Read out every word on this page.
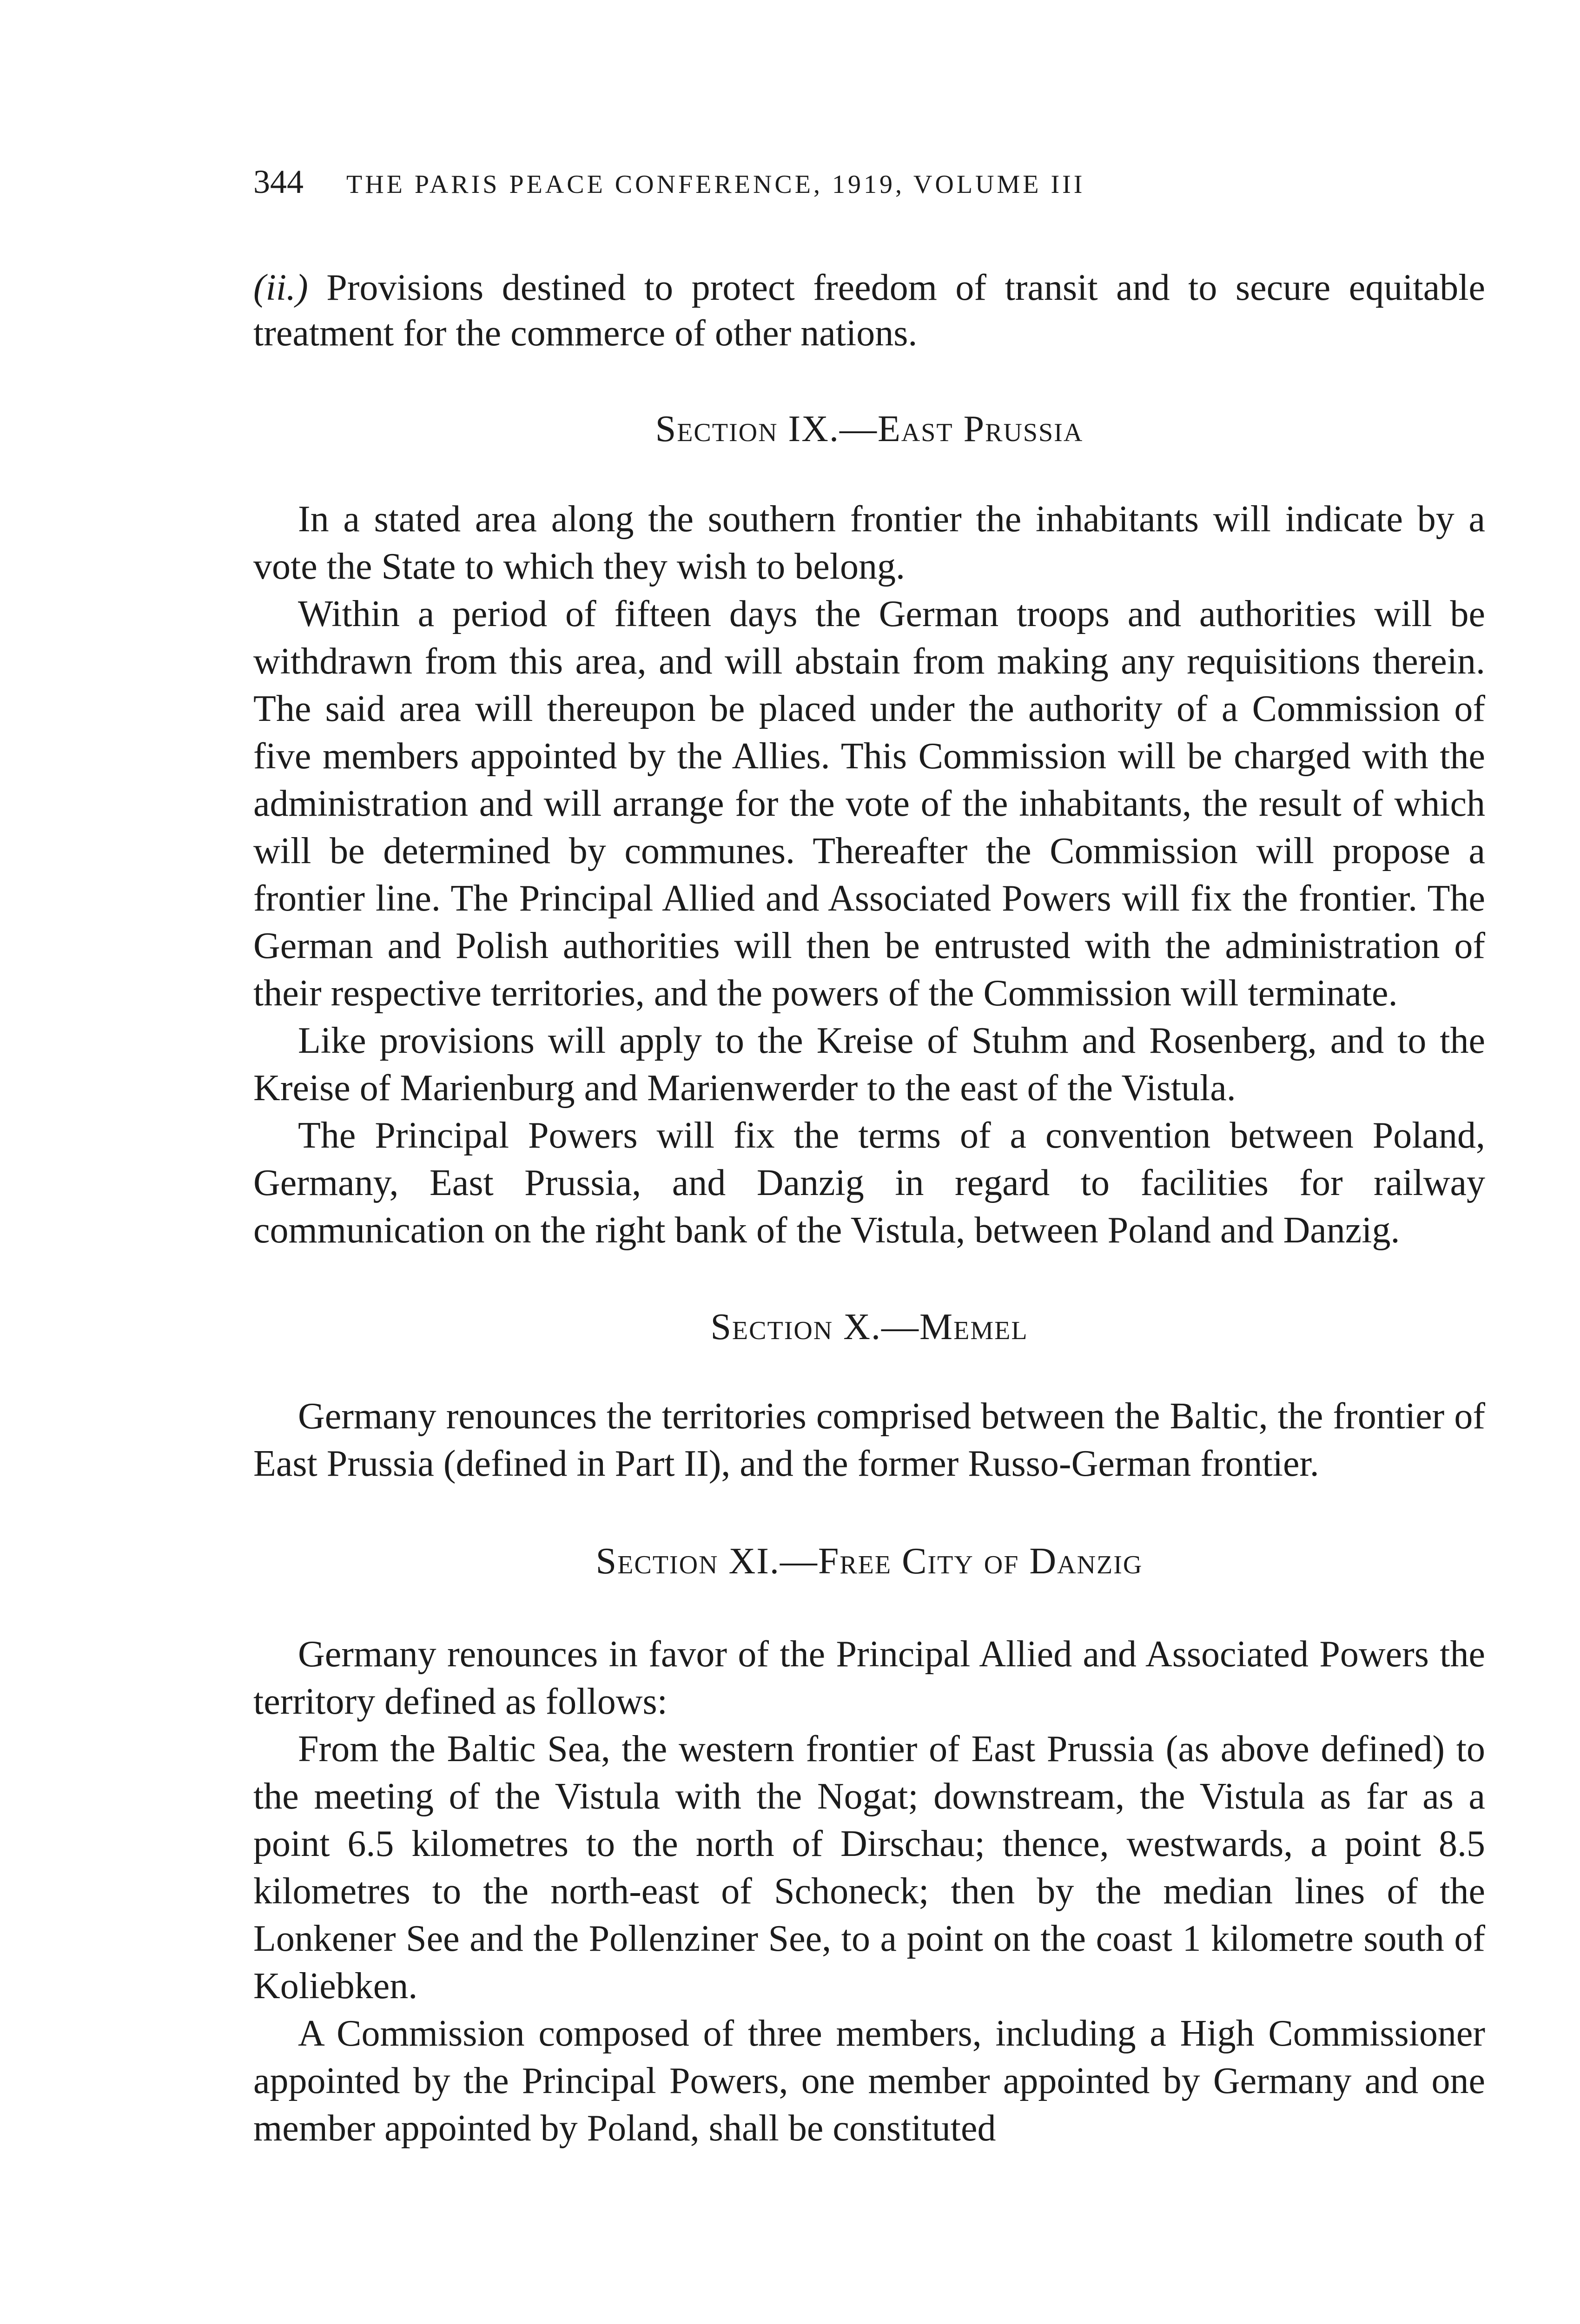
344	THE PARIS PEACE CONFERENCE, 1919, VOLUME III
(ii.) Provisions destined to protect freedom of transit and to secure equitable treatment for the commerce of other nations.
Section IX.—East Prussia

In a stated area along the southern frontier the inhabitants will indicate by a vote the State to which they wish to belong.

Within a period of fifteen days the German troops and authorities will be withdrawn from this area, and will abstain from making any requisitions therein. The said area will thereupon be placed under the authority of a Commission of five members appointed by the Allies. This Commission will be charged with the administration and will arrange for the vote of the inhabitants, the result of which will be determined by communes. Thereafter the Commission will propose a frontier line. The Principal Allied and Associated Powers will fix the frontier. The German and Polish authorities will then be entrusted with the administration of their respective territories, and the powers of the Commission will terminate.

Like provisions will apply to the Kreise of Stuhm and Rosenberg, and to the Kreise of Marienburg and Marienwerder to the east of the Vistula.

The Principal Powers will fix the terms of a convention between Poland, Germany, East Prussia, and Danzig in regard to facilities for railway communication on the right bank of the Vistula, between Poland and Danzig.

Section X.—Memel

Germany renounces the territories comprised between the Baltic, the frontier of East Prussia (defined in Part II), and the former Russo-German frontier.

Section XI.—Free City of Danzig

Germany renounces in favor of the Principal Allied and Associated Powers the territory defined as follows:

From the Baltic Sea, the western frontier of East Prussia (as above defined) to the meeting of the Vistula with the Nogat; downstream, the Vistula as far as a point 6.5 kilometres to the north of Dirschau; thence, westwards, a point 8.5 kilometres to the north-east of Schoneck; then by the median lines of the Lonkener See and the Pollenziner See, to a point on the coast 1 kilometre south of Koliebken.

A Commission composed of three members, including a High Commissioner appointed by the Principal Powers, one member appointed by Germany and one member appointed by Poland, shall be constituted
